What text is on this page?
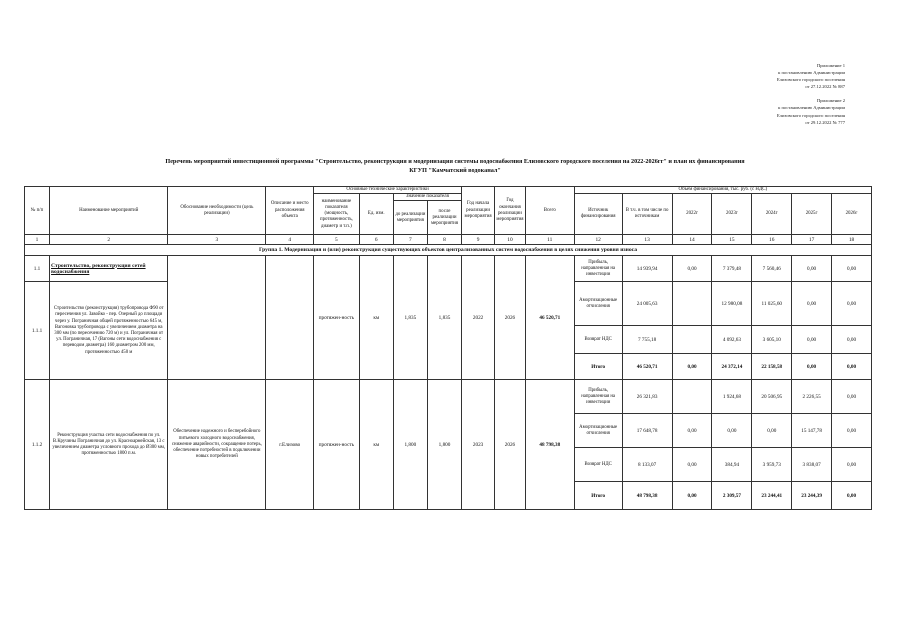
Приложение 1
к постановлению Администрации
Елизовского городского поселения
от 27.12.2022 № 887
Приложение 2
к постановлению Администрации
Елизовского городского поселения
от 29.12.2022 № 777
Перечень мероприятий инвестиционной программы "Строительство, реконструкция и модернизация системы водоснабжения Елизовского городского поселения на 2022-2026гг" и план их финансирования
КГУП "Камчатский водоканал"
№ п/п	Наименование мероприятий	Обоснование необходимости (цель реализации)	Описание и место расположения объекта	Основные технические характеристики				Год начала реализации мероприятия	Год окончания реализации мероприятия	Всего	Объем финансирования, тыс. руб. (с НДС)						
				наименование показателя (мощность, протяженность, диаметр и т.п.)	Ед. изм.	Значение показателя					Источник финансирования	В т.ч. в том числе по источникам	2022г	2023г	2024г	2025г	2026г
						до реализации мероприятия	после реализации мероприятия										
1	2	3	4	5	6	7	8	9	10	11	12	13	14	15	16	17	18
Группа 1. Модернизация и (или) реконструкция существующих объектов централизованных систем водоснабжения в целях снижения уровня износа																	
1.1	Строительство, реконструкция сетей водоснабжения			протяжен-ность	км	1,835	1,835	2022	2026	46 520,71	Прибыль, направленная на инвестиции	14 939,94	0,00	7 379,48	7 560,46	0,00	0,00
1.1.1	Строительство (реконструкция) трубопровода Ф90 от пересечения ул. Завойко - пер. Озерный до площади через у. Пограничная общей протяженностью 645 м, Вагоновка трубопровода с увеличением диаметра на 300 мм (по пересечению 720 м) и ул. Пограничная от ул. Пограничная, 17 (Вагоны сети водоснабжения с переводом диаметра) 160 диаметром 200 мм, протяженностью 450 м										Амортизационные отчисления	24 005,63		12 980,08	11 025,60	0,00	0,00
											Возврат НДС	7 755,18		4 092,63	3 605,10	0,00	0,00
											Итого	46 520,71	0,00	24 372,14	22 158,58	0,00	0,00

1.1.2	Реконструкция участка сети водоснабжения по ул. В.Кручины Пограничная до ул. Красноармейская, 13 с увеличением диаметра условного прохода до Ø300 мм, протяженностью 1800 п.м.	Обеспечение надежного и бесперебойного питьевого холодного водоснабжения, снижение аварийности, сокращение потерь, обеспечение потребностей в подключении новых потребителей	г.Елизово	протяжен-ность	км	1,800	1,800	2023	2026	48 798,38	Прибыль, направленная на инвестиции	26 321,83		1 924,68	20 506,95	2 226,55	0,00
											Амортизационные отчисления	17 648,78	0,00	0,00	0,00	15 147,78	0,00
											Возврат НДС	8 133,07	0,00	384,94	3 959,73	3 838,07	0,00
											Итого	48 798,38	0,00	2 309,57	23 244,41	23 244,39	0,00
